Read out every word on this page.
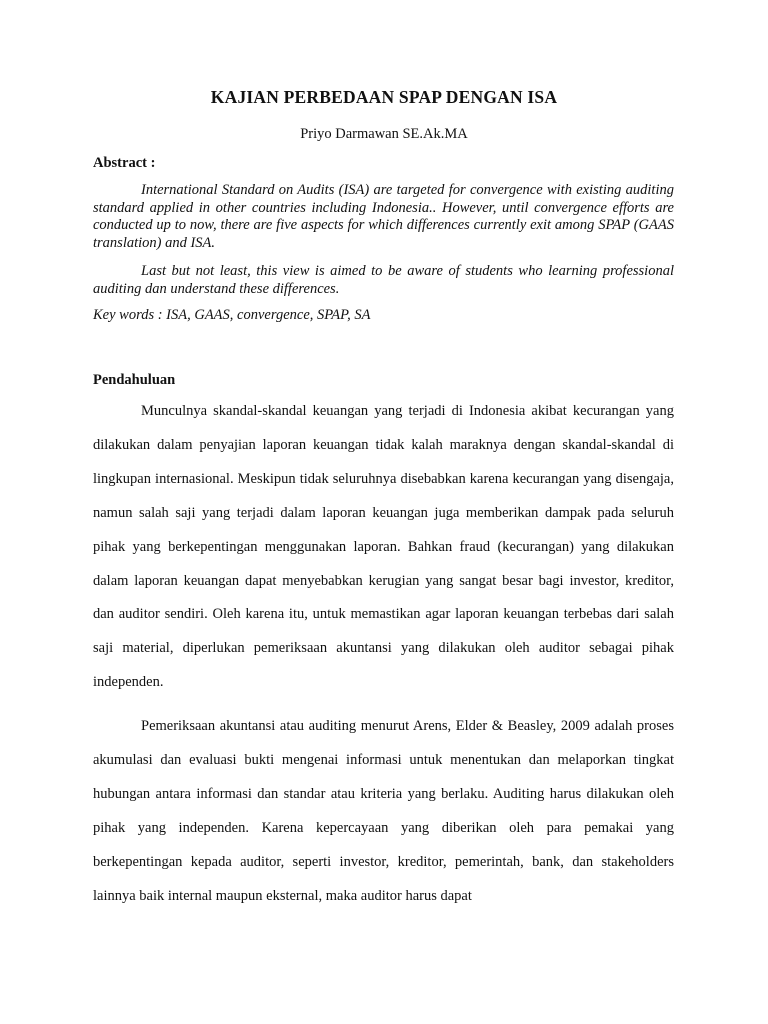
KAJIAN PERBEDAAN SPAP DENGAN ISA
Priyo Darmawan SE.Ak.MA
Abstract :

International Standard on Audits (ISA) are targeted for convergence with existing auditing standard applied in other countries including Indonesia.. However, until convergence efforts are conducted up to now, there are five aspects for which differences currently exit among SPAP (GAAS translation) and ISA.

Last but not least, this view is aimed to be aware of students who learning professional auditing dan understand these differences.

Key words : ISA, GAAS, convergence, SPAP, SA
Pendahuluan

Munculnya skandal-skandal keuangan yang terjadi di Indonesia akibat kecurangan yang dilakukan dalam penyajian laporan keuangan tidak kalah maraknya dengan skandal-skandal di lingkupan internasional. Meskipun tidak seluruhnya disebabkan karena kecurangan yang disengaja, namun salah saji yang terjadi dalam laporan keuangan juga memberikan dampak pada seluruh pihak yang berkepentingan menggunakan laporan. Bahkan fraud (kecurangan) yang dilakukan dalam laporan keuangan dapat menyebabkan kerugian yang sangat besar bagi investor, kreditor, dan auditor sendiri. Oleh karena itu, untuk memastikan agar laporan keuangan terbebas dari salah saji material, diperlukan pemeriksaan akuntansi yang dilakukan oleh auditor sebagai pihak independen.

Pemeriksaan akuntansi atau auditing menurut Arens, Elder & Beasley, 2009 adalah proses akumulasi dan evaluasi bukti mengenai informasi untuk menentukan dan melaporkan tingkat hubungan antara informasi dan standar atau kriteria yang berlaku. Auditing harus dilakukan oleh pihak yang independen. Karena kepercayaan yang diberikan oleh para pemakai yang berkepentingan kepada auditor, seperti investor, kreditor, pemerintah, bank, dan stakeholders lainnya baik internal maupun eksternal, maka auditor harus dapat
